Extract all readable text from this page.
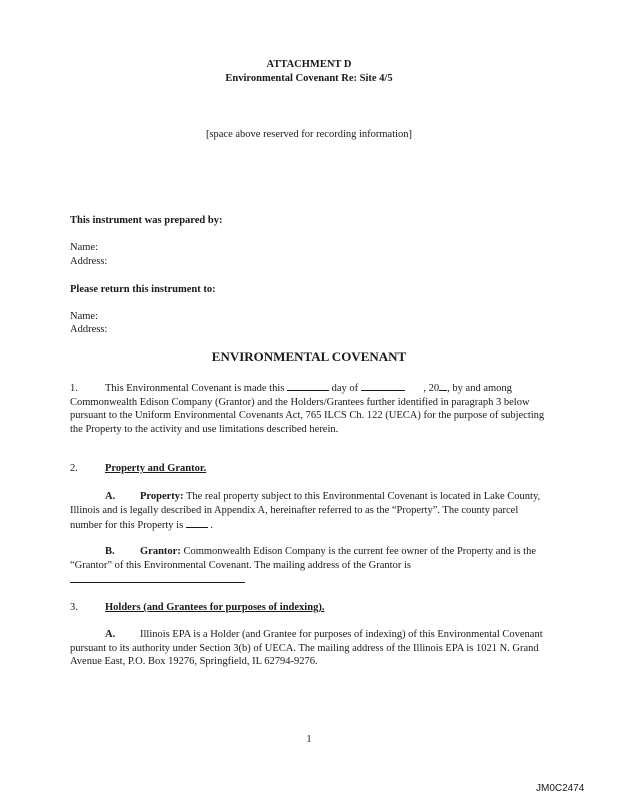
ATTACHMENT D
Environmental Covenant Re: Site 4/5
[space above reserved for recording information]
This instrument was prepared by:
Name:
Address:
Please return this instrument to:
Name:
Address:
ENVIRONMENTAL COVENANT
1.	This Environmental Covenant is made this	day of	, 20 , by and among Commonwealth Edison Company (Grantor) and the Holders/Grantees further identified in paragraph 3 below pursuant to the Uniform Environmental Covenants Act, 765 ILCS Ch. 122 (UECA) for the purpose of subjecting the Property to the activity and use limitations described herein.
2.	Property and Grantor.
A. Property: The real property subject to this Environmental Covenant is located in Lake County, Illinois and is legally described in Appendix A, hereinafter referred to as the “Property”. The county parcel number for this Property is  .
B. Grantor: Commonwealth Edison Company is the current fee owner of the Property and is the “Grantor” of this Environmental Covenant. The mailing address of the Grantor is
3.	Holders (and Grantees for purposes of indexing).
A. Illinois EPA is a Holder (and Grantee for purposes of indexing) of this Environmental Covenant pursuant to its authority under Section 3(b) of UECA. The mailing address of the Illinois EPA is 1021 N. Grand Avenue East, P.O. Box 19276, Springfield, IL 62794-9276.
1
JM0C2474
